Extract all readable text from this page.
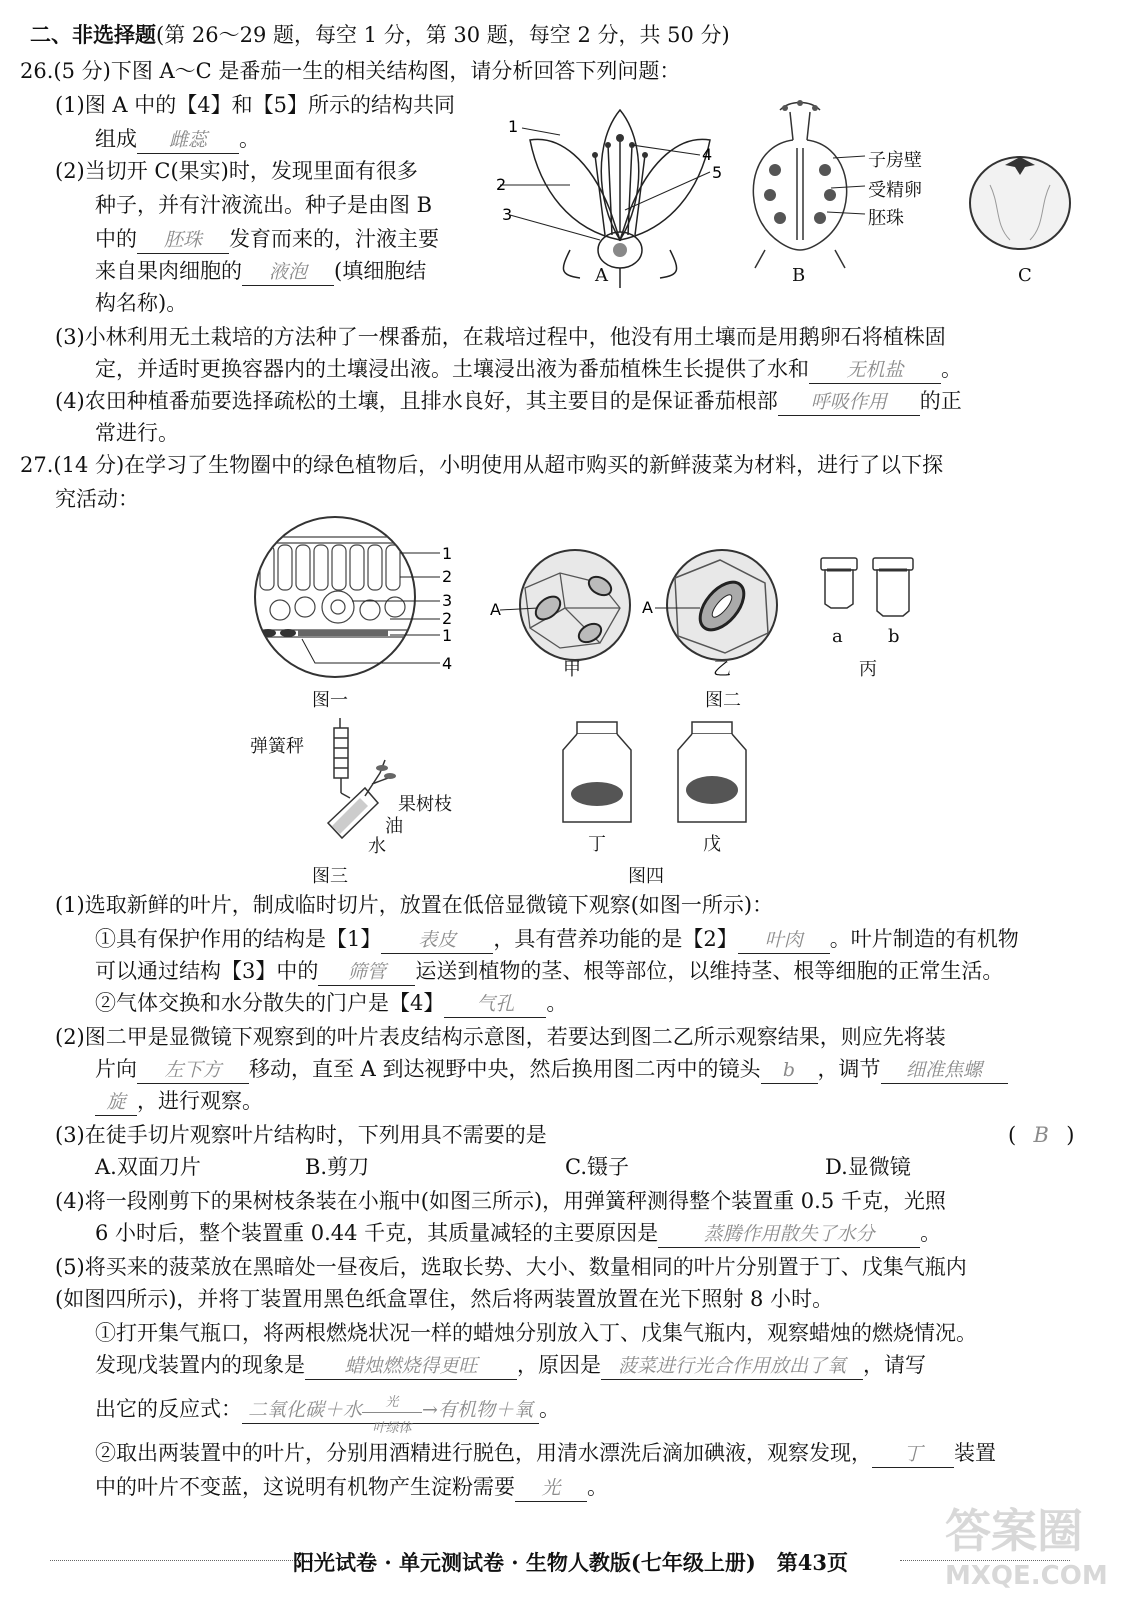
二、非选择题(第 26～29 题，每空 1 分，第 30 题，每空 2 分，共 50 分)
26.(5 分)下图 A～C 是番茄一生的相关结构图，请分析回答下列问题：
(1)图 A 中的【4】和【5】所示的结构共同
组成 雌蕊 。
(2)当切开 C(果实)时，发现里面有很多
种子，并有汁液流出。种子是由图 B
中的 胚珠 发育而来的，汁液主要
来自果肉细胞的 液泡 (填细胞结
构名称)。
(3)小林利用无土栽培的方法种了一棵番茄，在栽培过程中，他没有用土壤而是用鹅卵石将植株固
定，并适时更换容器内的土壤浸出液。土壤浸出液为番茄植株生长提供了水和 无机盐 。
(4)农田种植番茄要选择疏松的土壤，且排水良好，其主要目的是保证番茄根部 呼吸作用 的正
常进行。
1
2
3
4
5
A
子房壁
受精卵
胚珠
B	C
27.(14 分)在学习了生物圈中的绿色植物后，小明使用从超市购买的新鲜菠菜为材料，进行了以下探
究活动：
1
2
3
2
1
4
图一
A
甲
A
乙
a	b
丙
图二
弹簧秤
果树枝
油
水
图三
丁	戊
图四
(1)选取新鲜的叶片，制成临时切片，放置在低倍显微镜下观察(如图一所示)：
①具有保护作用的结构是【1】 表皮 ，具有营养功能的是【2】 叶肉 。叶片制造的有机物
可以通过结构【3】中的 筛管 运送到植物的茎、根等部位，以维持茎、根等细胞的正常生活。
②气体交换和水分散失的门户是【4】 气孔 。
(2)图二甲是显微镜下观察到的叶片表皮结构示意图，若要达到图二乙所示观察结果，则应先将装
片向 左下方 移动，直至 A 到达视野中央，然后换用图二丙中的镜头 b ，调节 细准焦螺
旋 ，进行观察。
(3)在徒手切片观察叶片结构时，下列用具不需要的是	( B )
A.双面刀片	B.剪刀	C.镊子	D.显微镜
(4)将一段刚剪下的果树枝条装在小瓶中(如图三所示)，用弹簧秤测得整个装置重 0.5 千克，光照
6 小时后，整个装置重 0.44 千克，其质量减轻的主要原因是 蒸腾作用散失了水分 。
(5)将买来的菠菜放在黑暗处一昼夜后，选取长势、大小、数量相同的叶片分别置于丁、戊集气瓶内
(如图四所示)，并将丁装置用黑色纸盒罩住，然后将两装置放置在光下照射 8 小时。
①打开集气瓶口，将两根燃烧状况一样的蜡烛分别放入丁、戊集气瓶内，观察蜡烛的燃烧情况。
发现戊装置内的现象是 蜡烛燃烧得更旺 ，原因是 菠菜进行光合作用放出了氧 ，请写
出它的反应式： 二氧化碳＋水	光
叶绿体
→有机物＋氧 。
②取出两装置中的叶片，分别用酒精进行脱色，用清水漂洗后滴加碘液，观察发现， 丁 装置
中的叶片不变蓝，这说明有机物产生淀粉需要 光 。
阳光试卷 · 单元测试卷 · 生物人教版(七年级上册)　第43页
答案圈
MXQE.COM
